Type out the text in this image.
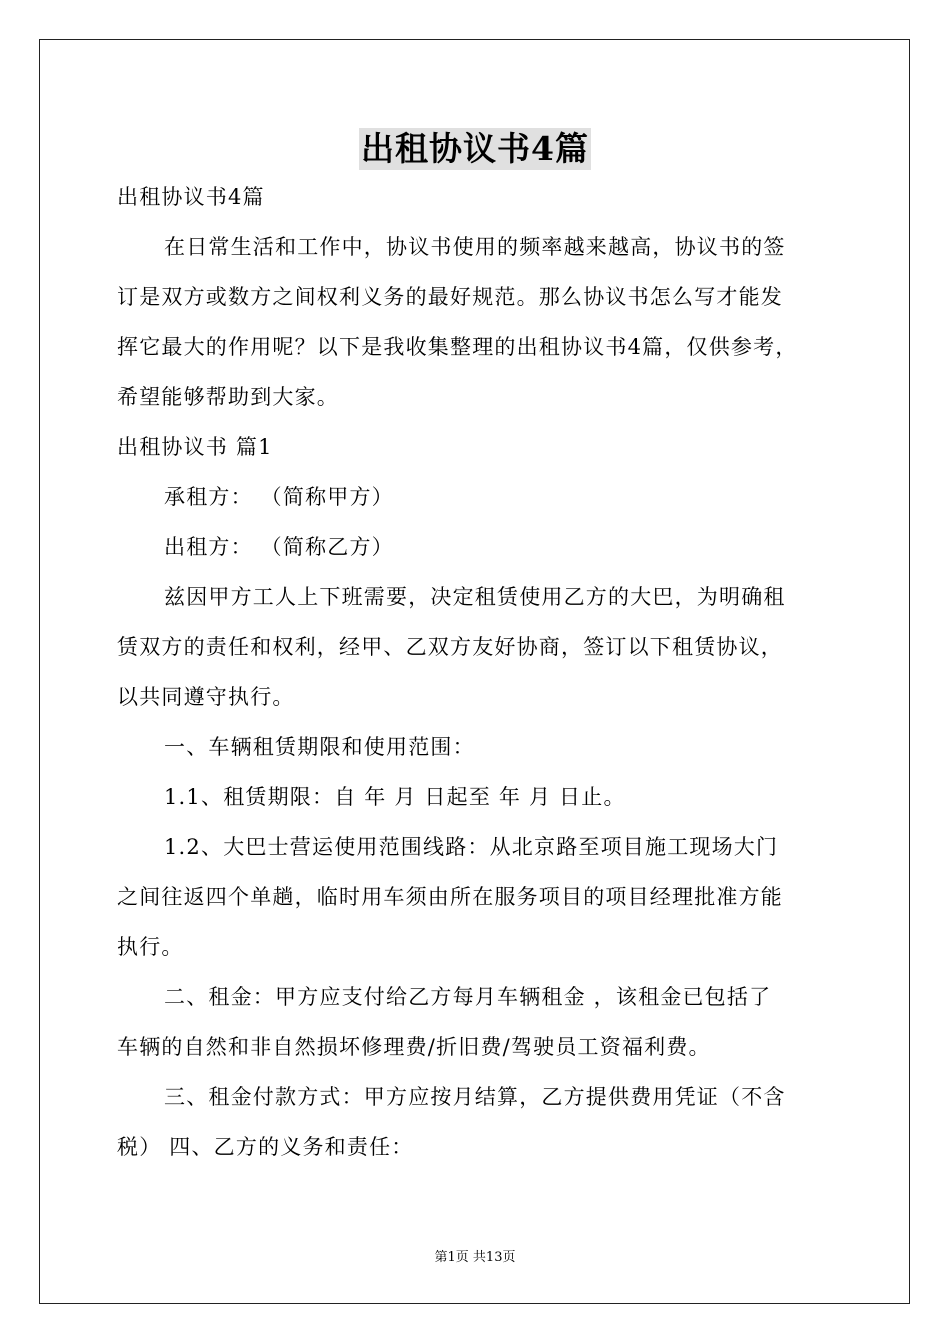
出租协议书4篇
出租协议书4篇
在日常生活和工作中，协议书使用的频率越来越高，协议书的签
订是双方或数方之间权利义务的最好规范。那么协议书怎么写才能发
挥它最大的作用呢？以下是我收集整理的出租协议书4篇，仅供参考，
希望能够帮助到大家。
出租协议书 篇1
承租方： （简称甲方）
出租方： （简称乙方）
兹因甲方工人上下班需要，决定租赁使用乙方的大巴，为明确租
赁双方的责任和权利，经甲、乙双方友好协商，签订以下租赁协议，
以共同遵守执行。
一、车辆租赁期限和使用范围：
1.1、租赁期限：自 年 月 日起至 年 月 日止。
1.2、大巴士营运使用范围线路：从北京路至项目施工现场大门
之间往返四个单趟，临时用车须由所在服务项目的项目经理批准方能
执行。
二、租金：甲方应支付给乙方每月车辆租金 ，该租金已包括了
车辆的自然和非自然损坏修理费/折旧费/驾驶员工资福利费。
三、租金付款方式：甲方应按月结算，乙方提供费用凭证（不含
税） 四、乙方的义务和责任：
第1页 共13页
